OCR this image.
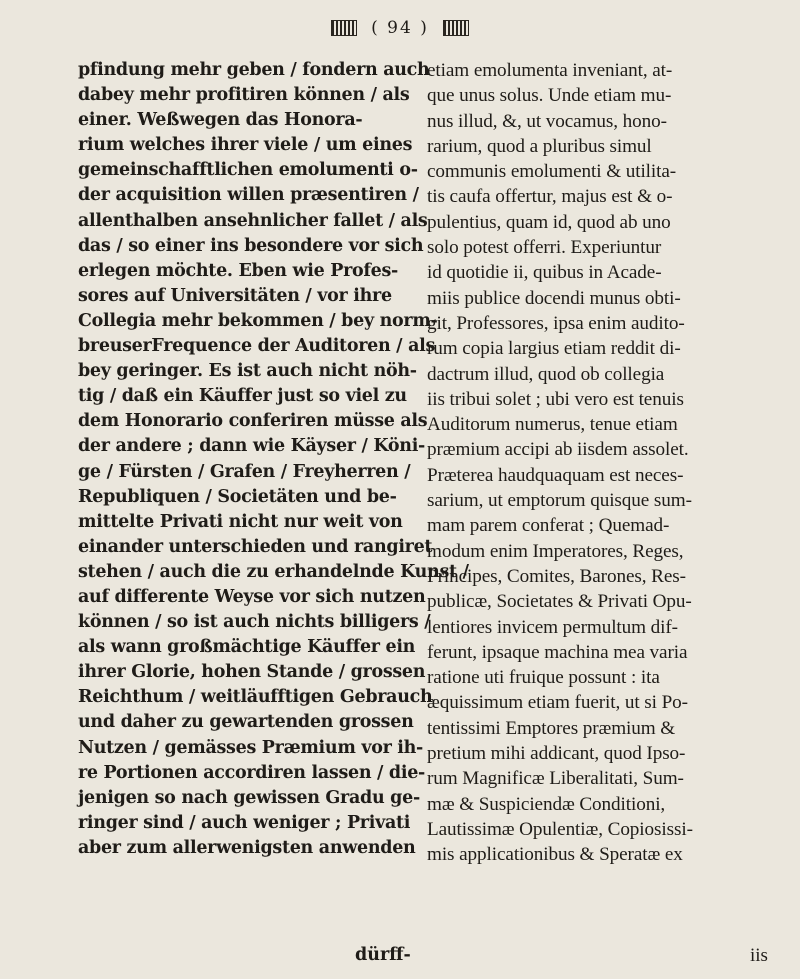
( 94 )
pfindung mehr geben / fondern auch
dabey mehr profitiren können / als
einer. Weßwegen das Honora-
rium welches ihrer viele / um eines
gemeinschafftlichen emolumenti o-
der acquisition willen præsentiren /
allenthalben ansehnlicher fallet / als
das / so einer ins besondere vor sich
erlegen möchte. Eben wie Profes-
sores auf Universitäten / vor ihre
Collegia mehr bekommen / bey norm-
breuserFrequence der Auditoren / als
bey geringer. Es ist auch nicht nöh-
tig / daß ein Käuffer just so viel zu
dem Honorario conferiren müsse als
der andere ; dann wie Käyser / Köni-
ge / Fürsten / Grafen / Freyherren /
Republiquen / Societäten und be-
mittelte Privati nicht nur weit von
einander unterschieden und rangiret
stehen / auch die zu erhandelnde Kunst /
auf differente Weyse vor sich nutzen
können / so ist auch nichts billigers /
als wann großmächtige Käuffer ein
ihrer Glorie, hohen Stande / grossen
Reichthum / weitläufftigen Gebrauch
und daher zu gewartenden grossen
Nutzen / gemässes Præmium vor ih-
re Portionen accordiren lassen / die-
jenigen so nach gewissen Gradu ge-
ringer sind / auch weniger ; Privati
aber zum allerwenigsten anwenden
etiam emolumenta inveniant, at-
que unus solus. Unde etiam mu-
nus illud, &, ut vocamus, hono-
rarium, quod a pluribus simul
communis emolumenti & utilita-
tis caufa offertur, majus est & o-
pulentius, quam id, quod ab uno
solo potest offerri. Experiuntur
id quotidie ii, quibus in Acade-
miis publice docendi munus obti-
git, Professores, ipsa enim audito-
rum copia largius etiam reddit di-
dactrum illud, quod ob collegia
iis tribui solet ; ubi vero est tenuis
Auditorum numerus, tenue etiam
præmium accipi ab iisdem assolet.
Præterea haudquaquam est neces-
sarium, ut emptorum quisque sum-
mam parem conferat ; Quemad-
modum enim Imperatores, Reges,
Principes, Comites, Barones, Res-
publicæ, Societates & Privati Opu-
lentiores invicem permultum dif-
ferunt, ipsaque machina mea varia
ratione uti fruique possunt : ita
æquissimum etiam fuerit, ut si Po-
tentissimi Emptores præmium &
pretium mihi addicant, quod Ipso-
rum Magnificæ Liberalitati, Sum-
mæ & Suspiciendæ Conditioni,
Lautissimæ Opulentiæ, Copiosissi-
mis applicationibus & Speratæ ex
dürff-	iis
